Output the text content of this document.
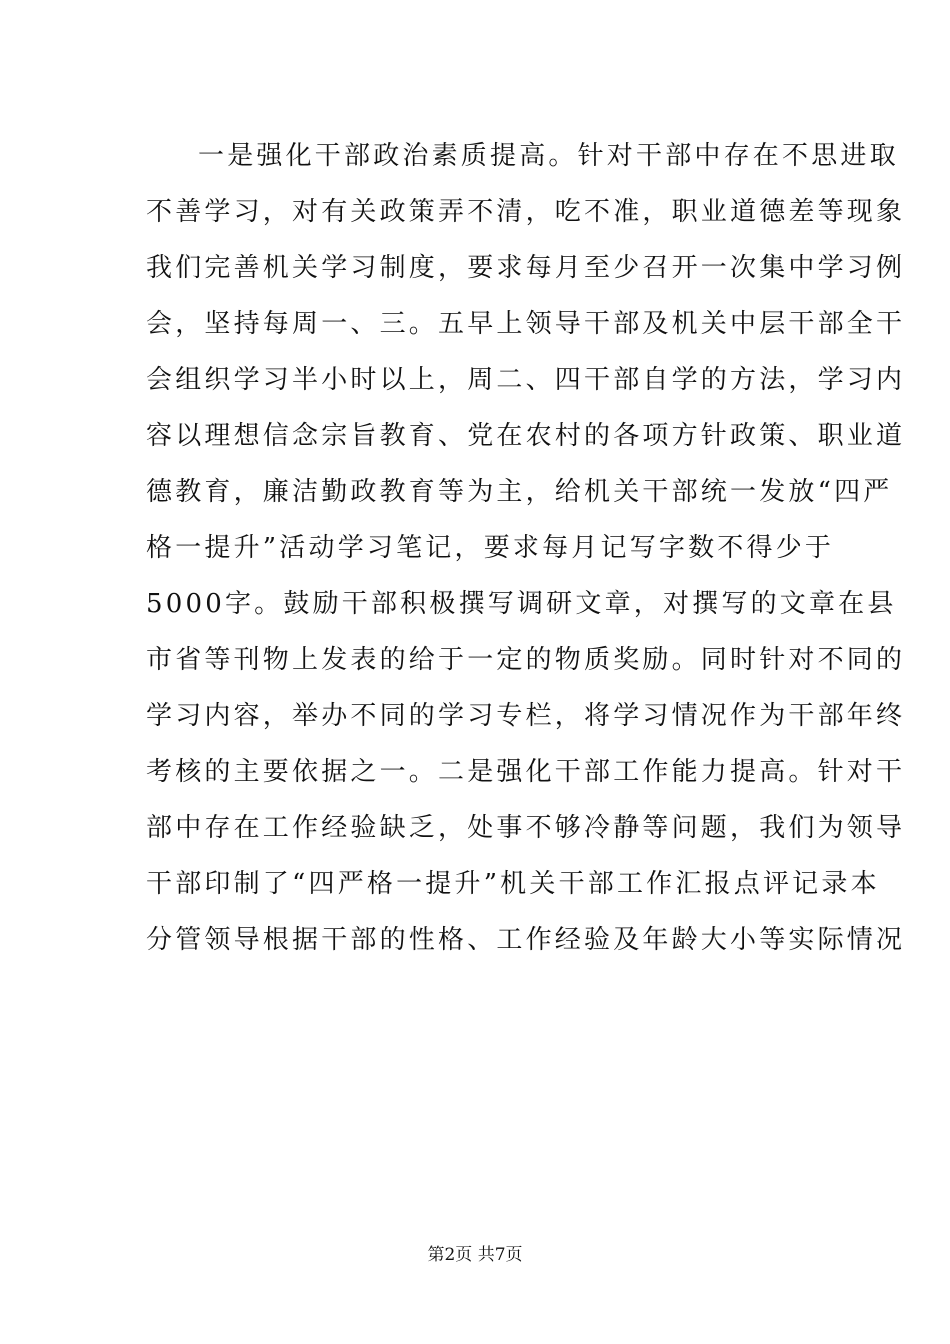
一是强化干部政治素质提高。针对干部中存在不思进取
不善学习，对有关政策弄不清，吃不准，职业道德差等现象
我们完善机关学习制度，要求每月至少召开一次集中学习例
会，坚持每周一、三。五早上领导干部及机关中层干部全干
会组织学习半小时以上，周二、四干部自学的方法，学习内
容以理想信念宗旨教育、党在农村的各项方针政策、职业道
德教育，廉洁勤政教育等为主，给机关干部统一发放“四严
格一提升”活动学习笔记，要求每月记写字数不得少于
5000字。鼓励干部积极撰写调研文章，对撰写的文章在县
市省等刊物上发表的给于一定的物质奖励。同时针对不同的
学习内容，举办不同的学习专栏，将学习情况作为干部年终
考核的主要依据之一。二是强化干部工作能力提高。针对干
部中存在工作经验缺乏，处事不够冷静等问题，我们为领导
干部印制了“四严格一提升”机关干部工作汇报点评记录本
分管领导根据干部的性格、工作经验及年龄大小等实际情况
第2页 共7页
